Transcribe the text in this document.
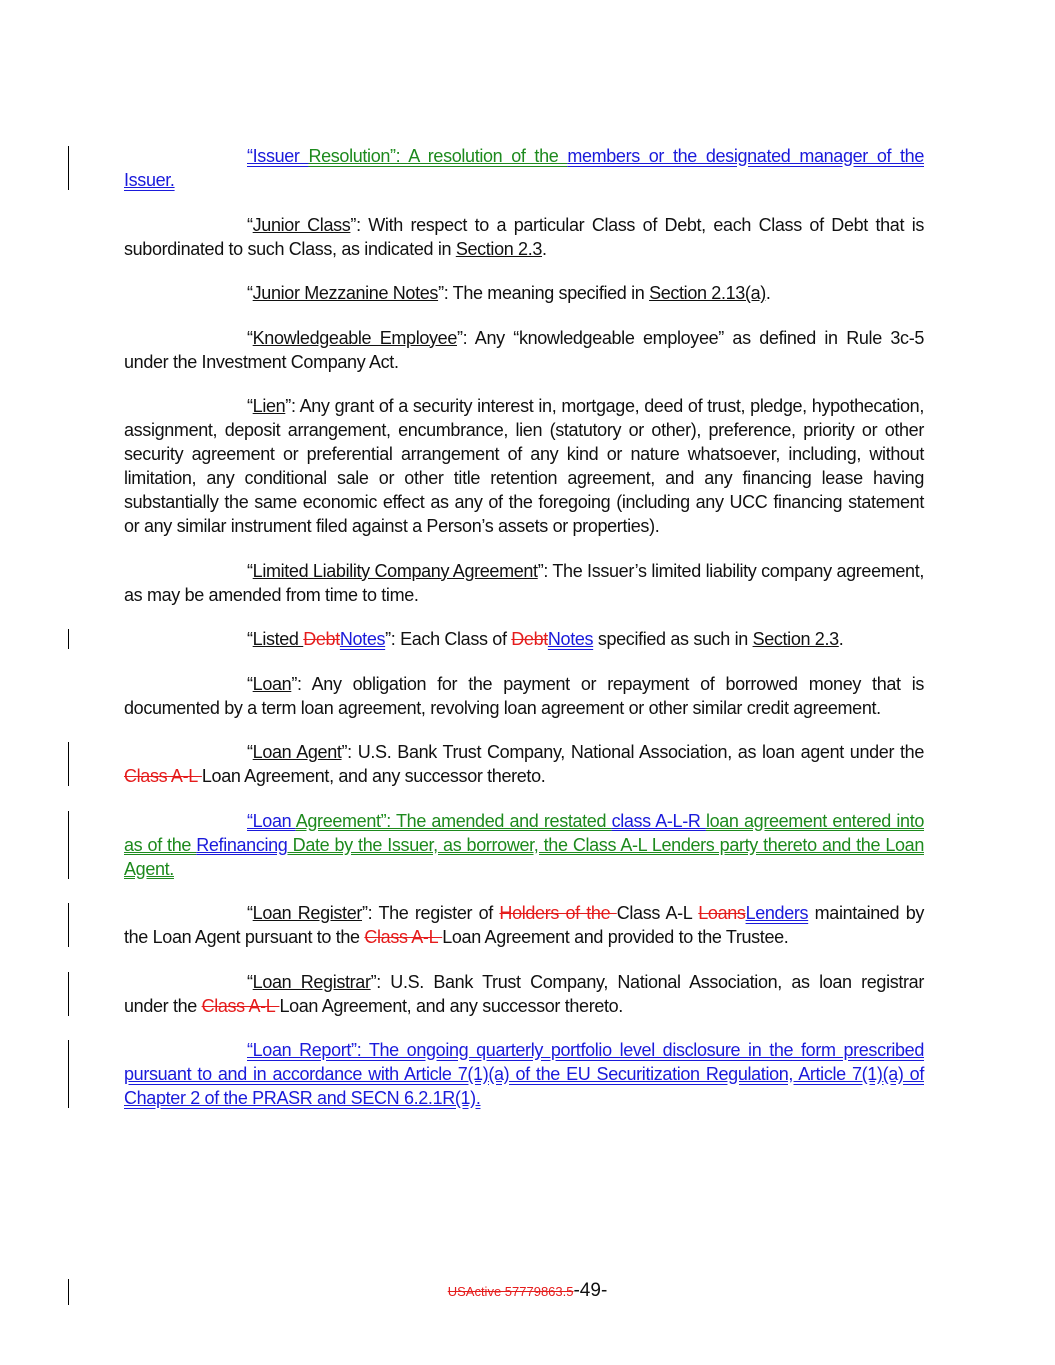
“Issuer Resolution”: A resolution of the members or the designated manager of the Issuer.

“Junior Class”: With respect to a particular Class of Debt, each Class of Debt that is subordinated to such Class, as indicated in Section 2.3.

“Junior Mezzanine Notes”: The meaning specified in Section 2.13(a).

“Knowledgeable Employee”: Any “knowledgeable employee” as defined in Rule 3c-5 under the Investment Company Act.

“Lien”: Any grant of a security interest in, mortgage, deed of trust, pledge, hypothecation, assignment, deposit arrangement, encumbrance, lien (statutory or other), preference, priority or other security agreement or preferential arrangement of any kind or nature whatsoever, including, without limitation, any conditional sale or other title retention agreement, and any financing lease having substantially the same economic effect as any of the foregoing (including any UCC financing statement or any similar instrument filed against a Person’s assets or properties).

“Limited Liability Company Agreement”: The Issuer’s limited liability company agreement, as may be amended from time to time.

“Listed DebtNotes”: Each Class of DebtNotes specified as such in Section 2.3.

“Loan”: Any obligation for the payment or repayment of borrowed money that is documented by a term loan agreement, revolving loan agreement or other similar credit agreement.

“Loan Agent”: U.S. Bank Trust Company, National Association, as loan agent under the Class A-L Loan Agreement, and any successor thereto.

“Loan Agreement”: The amended and restated class A-L-R loan agreement entered into as of the Refinancing Date by the Issuer, as borrower, the Class A-L Lenders party thereto and the Loan Agent.

“Loan Register”: The register of Holders of the Class A-L LoansLenders maintained by the Loan Agent pursuant to the Class A-L Loan Agreement and provided to the Trustee.

“Loan Registrar”: U.S. Bank Trust Company, National Association, as loan registrar under the Class A-L Loan Agreement, and any successor thereto.

“Loan Report”: The ongoing quarterly portfolio level disclosure in the form prescribed pursuant to and in accordance with Article 7(1)(a) of the EU Securitization Regulation, Article 7(1)(a) of Chapter 2 of the PRASR and SECN 6.2.1R(1).

USActive 57779863.5-49-
